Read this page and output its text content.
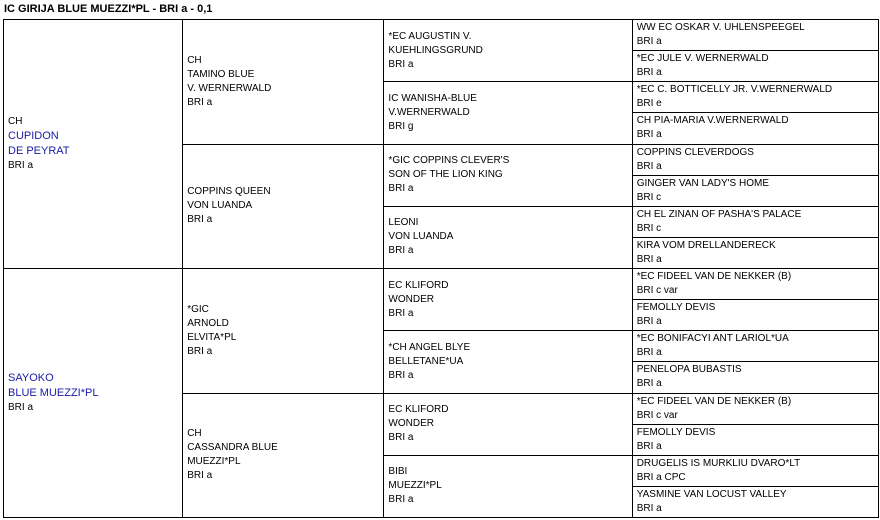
IC GIRIJA BLUE MUEZZI*PL - BRI a - 0,1
CH
CUPIDON
DE PEYRAT
BRI a	CH
TAMINO BLUE
V. WERNERWALD
BRI a	*EC AUGUSTIN V.
KUEHLINGSGRUND
BRI a	WW EC OSKAR V. UHLENSPEEGEL
BRI a

			*EC JULE V. WERNERWALD
BRI a

		IC WANISHA-BLUE
V.WERNERWALD
BRI g	*EC C. BOTTICELLY JR. V.WERNERWALD
BRI e

			CH PIA-MARIA V.WERNERWALD
BRI a

	COPPINS QUEEN
VON LUANDA
BRI a	*GIC COPPINS CLEVER'S
SON OF THE LION KING
BRI a	COPPINS CLEVERDOGS
BRI a

			GINGER VAN LADY'S HOME
BRI c

		LEONI
VON LUANDA
BRI a	CH EL ZINAN OF PASHA'S PALACE
BRI c

			KIRA VOM DRELLANDERECK
BRI a

SAYOKO
BLUE MUEZZI*PL
BRI a	*GIC
ARNOLD
ELVITA*PL
BRI a	EC KLIFORD
WONDER
BRI a	*EC FIDEEL VAN DE NEKKER (B)
BRI c var

			FEMOLLY DEVIS
BRI a

		*CH ANGEL BLYE
BELLETANE*UA
BRI a	*EC BONIFACYI ANT LARIOL*UA
BRI a

			PENELOPA BUBASTIS
BRI a

	CH
CASSANDRA BLUE
MUEZZI*PL
BRI a	EC KLIFORD
WONDER
BRI a	*EC FIDEEL VAN DE NEKKER (B)
BRI c var

			FEMOLLY DEVIS
BRI a

		BIBI
MUEZZI*PL
BRI a	DRUGELIS IS MURKLIU DVARO*LT
BRI a CPC

			YASMINE VAN LOCUST VALLEY
BRI a
